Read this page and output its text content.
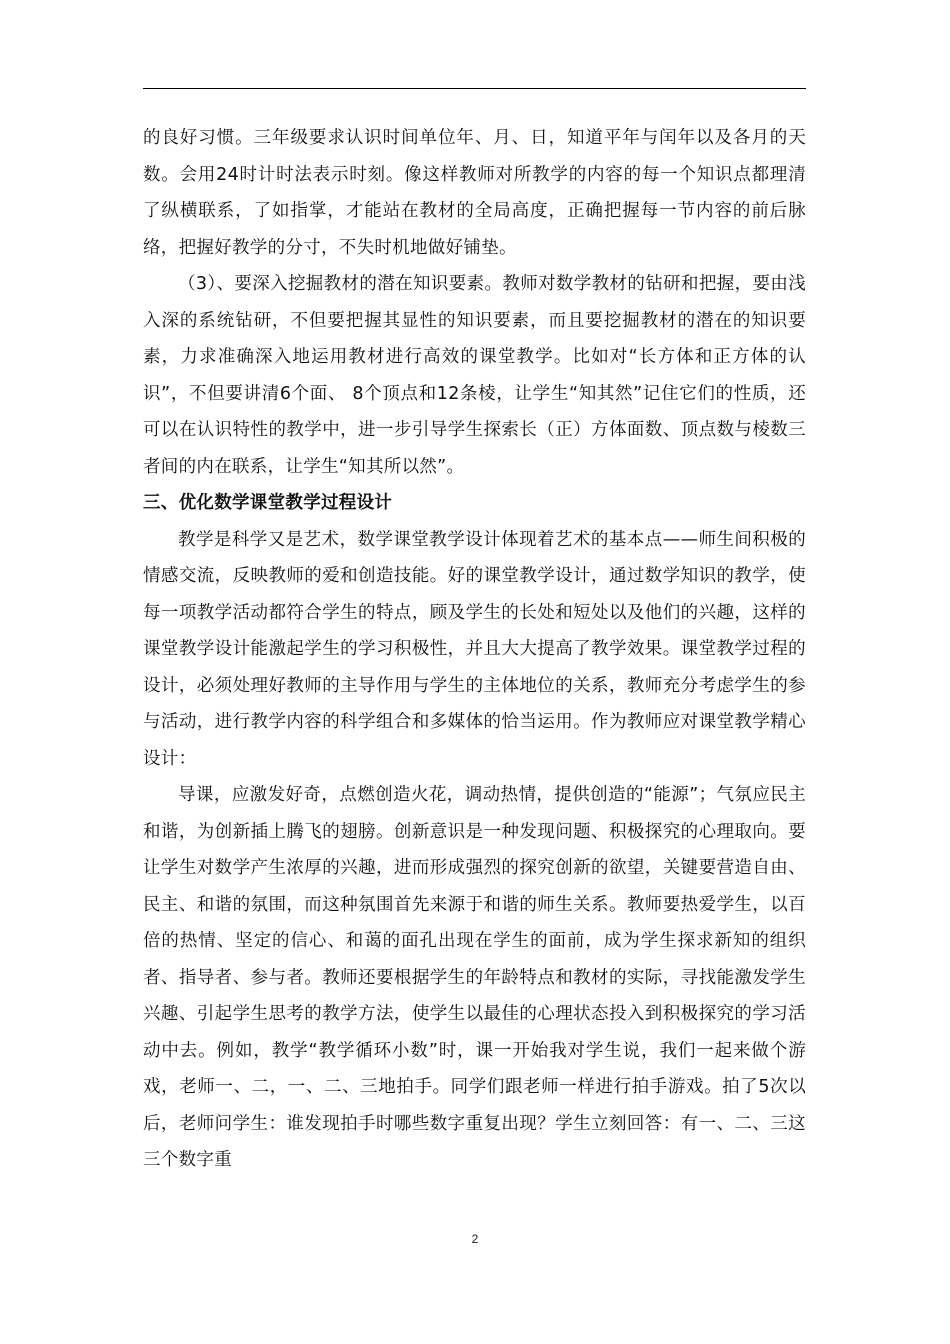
的良好习惯。三年级要求认识时间单位年、月、日，知道平年与闰年以及各月的天数。会用24时计时法表示时刻。像这样教师对所教学的内容的每一个知识点都理清了纵横联系，了如指掌，才能站在教材的全局高度，正确把握每一节内容的前后脉络，把握好教学的分寸，不失时机地做好铺垫。

（3）、要深入挖掘教材的潜在知识要素。教师对数学教材的钻研和把握，要由浅入深的系统钻研，不但要把握其显性的知识要素，而且要挖掘教材的潜在的知识要素，力求准确深入地运用教材进行高效的课堂教学。比如对“长方体和正方体的认识”，不但要讲清6个面、 8个顶点和12条棱，让学生“知其然”记住它们的性质，还可以在认识特性的教学中，进一步引导学生探索长（正）方体面数、顶点数与棱数三者间的内在联系，让学生“知其所以然”。

三、优化数学课堂教学过程设计

教学是科学又是艺术，数学课堂教学设计体现着艺术的基本点——师生间积极的情感交流，反映教师的爱和创造技能。好的课堂教学设计，通过数学知识的教学，使每一项教学活动都符合学生的特点，顾及学生的长处和短处以及他们的兴趣，这样的课堂教学设计能激起学生的学习积极性，并且大大提高了教学效果。课堂教学过程的设计，必须处理好教师的主导作用与学生的主体地位的关系，教师充分考虑学生的参与活动，进行教学内容的科学组合和多媒体的恰当运用。作为教师应对课堂教学精心设计：

导课，应激发好奇，点燃创造火花，调动热情，提供创造的“能源”；气氛应民主和谐，为创新插上腾飞的翅膀。创新意识是一种发现问题、积极探究的心理取向。要让学生对数学产生浓厚的兴趣，进而形成强烈的探究创新的欲望，关键要营造自由、民主、和谐的氛围，而这种氛围首先来源于和谐的师生关系。教师要热爱学生，以百倍的热情、坚定的信心、和蔼的面孔出现在学生的面前，成为学生探求新知的组织者、指导者、参与者。教师还要根据学生的年龄特点和教材的实际，寻找能激发学生兴趣、引起学生思考的教学方法，使学生以最佳的心理状态投入到积极探究的学习活动中去。例如，教学“教学循环小数”时，课一开始我对学生说，我们一起来做个游戏，老师一、二，一、二、三地拍手。同学们跟老师一样进行拍手游戏。拍了5次以后，老师问学生：谁发现拍手时哪些数字重复出现？学生立刻回答：有一、二、三这三个数字重

2
